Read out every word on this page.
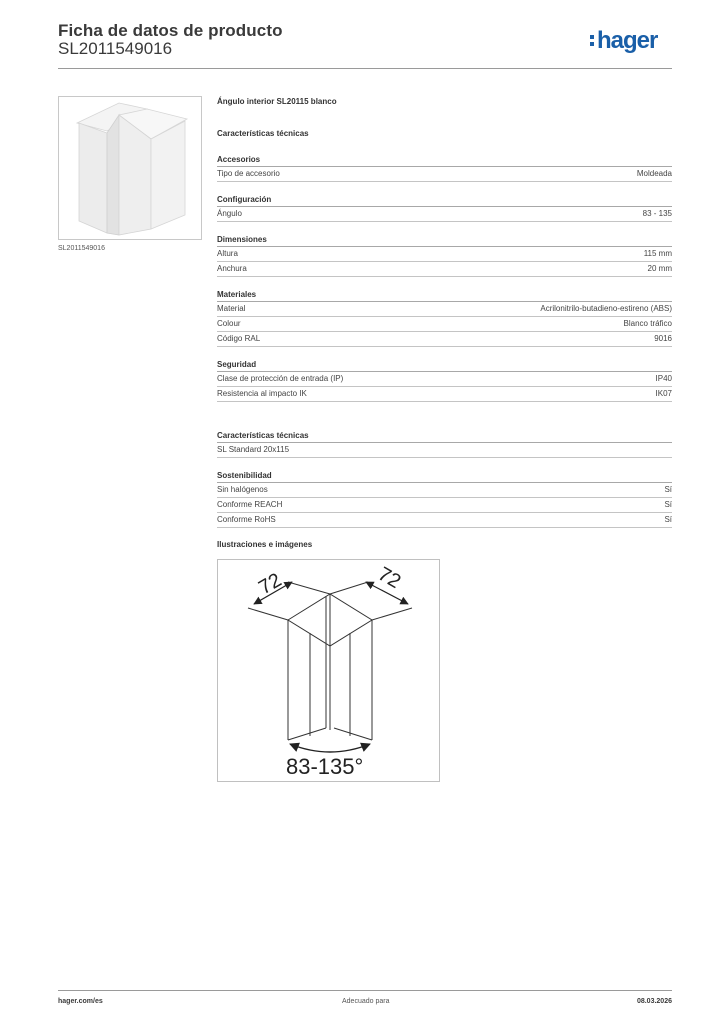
Ficha de datos de producto
SL2011549016	hager
SL2011549016
Ángulo interior SL20115 blanco
Características técnicas
Accesorios
Tipo de accesorio	Moldeada
Configuración
Ángulo	83 - 135
Dimensiones
Altura	115 mm
Anchura	20 mm
Materiales
Material	Acrilonitrilo-butadieno-estireno (ABS)
Colour	Blanco tráfico
Código RAL	9016
Seguridad
Clase de protección de entrada (IP)	IP40
Resistencia al impacto IK	IK07
Características técnicas
SL Standard 20x115
Sostenibilidad
Sin halógenos	Sí
Conforme REACH	Sí
Conforme RoHS	Sí
Ilustraciones e imágenes
72	72
83-135°
hager.com/es	Adecuado para	08.03.2026
